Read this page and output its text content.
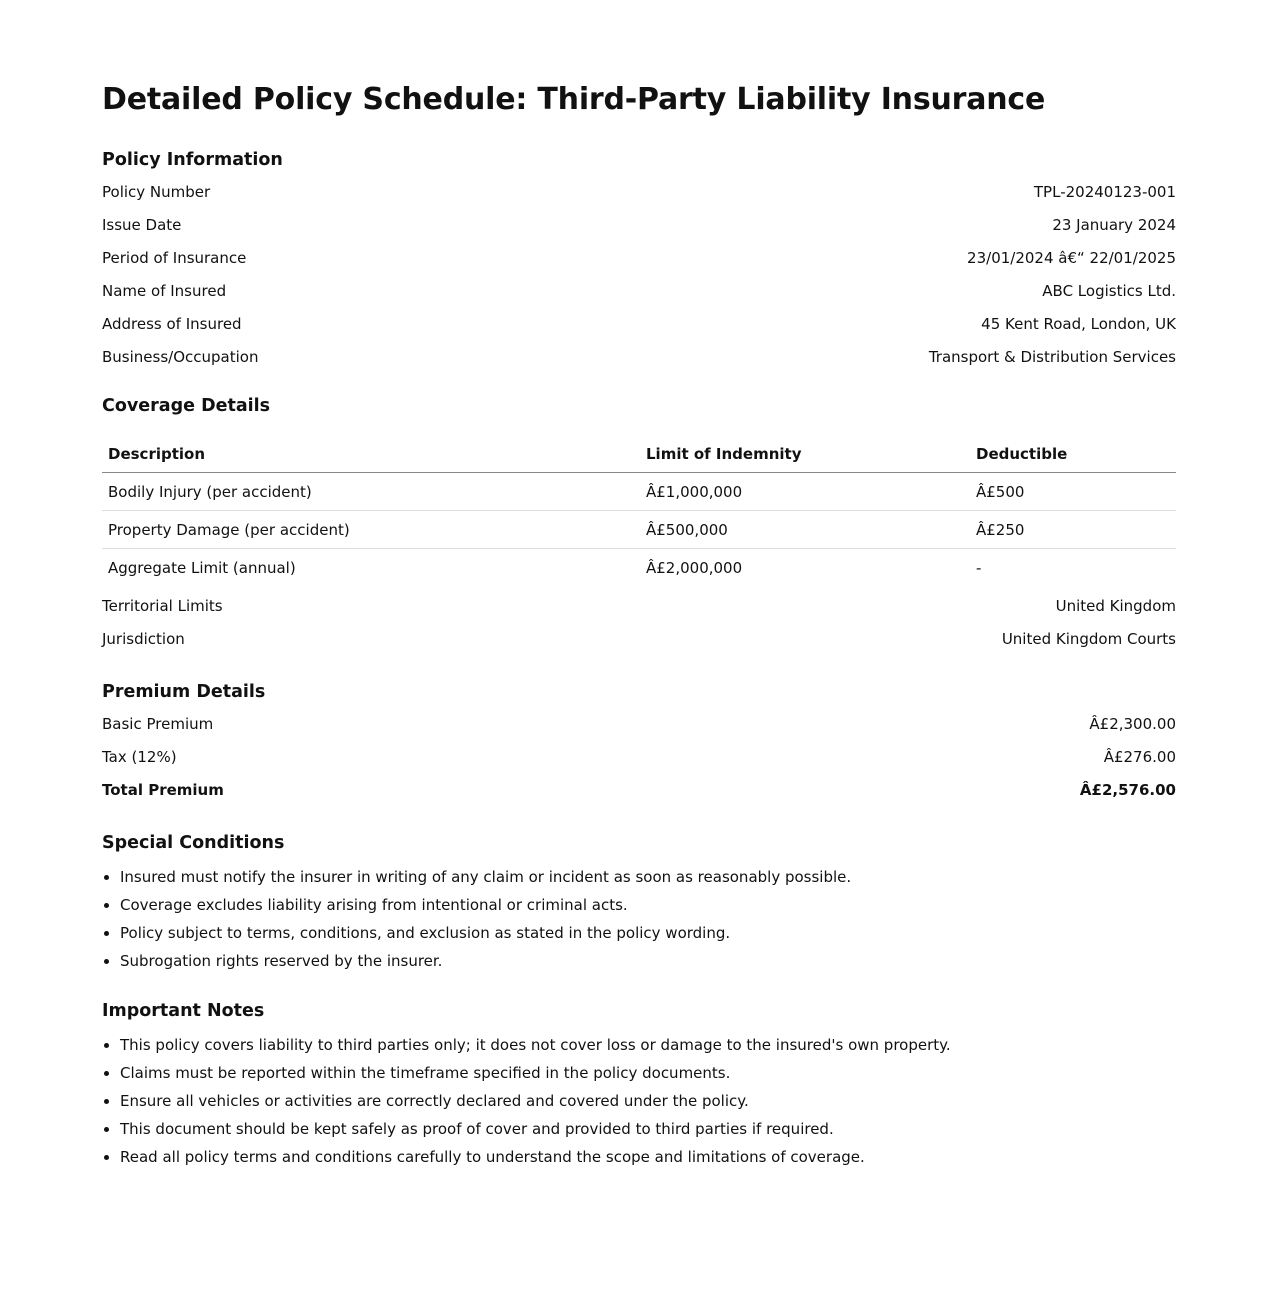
Detailed Policy Schedule: Third-Party Liability Insurance
Policy Information
Policy Number	TPL-20240123-001
Issue Date	23 January 2024
Period of Insurance	23/01/2024 â€“ 22/01/2025
Name of Insured	ABC Logistics Ltd.
Address of Insured	45 Kent Road, London, UK
Business/Occupation	Transport & Distribution Services
Coverage Details
Description	Limit of Indemnity	Deductible
Bodily Injury (per accident)	Â£1,000,000	Â£500
Property Damage (per accident)	Â£500,000	Â£250
Aggregate Limit (annual)	Â£2,000,000	-
Territorial Limits	United Kingdom
Jurisdiction	United Kingdom Courts
Premium Details
Basic Premium	Â£2,300.00
Tax (12%)	Â£276.00
Total Premium	Â£2,576.00
Special Conditions
• Insured must notify the insurer in writing of any claim or incident as soon as reasonably possible.
• Coverage excludes liability arising from intentional or criminal acts.
• Policy subject to terms, conditions, and exclusion as stated in the policy wording.
• Subrogation rights reserved by the insurer.
Important Notes
• This policy covers liability to third parties only; it does not cover loss or damage to the insured's own property.
• Claims must be reported within the timeframe specified in the policy documents.
• Ensure all vehicles or activities are correctly declared and covered under the policy.
• This document should be kept safely as proof of cover and provided to third parties if required.
• Read all policy terms and conditions carefully to understand the scope and limitations of coverage.
